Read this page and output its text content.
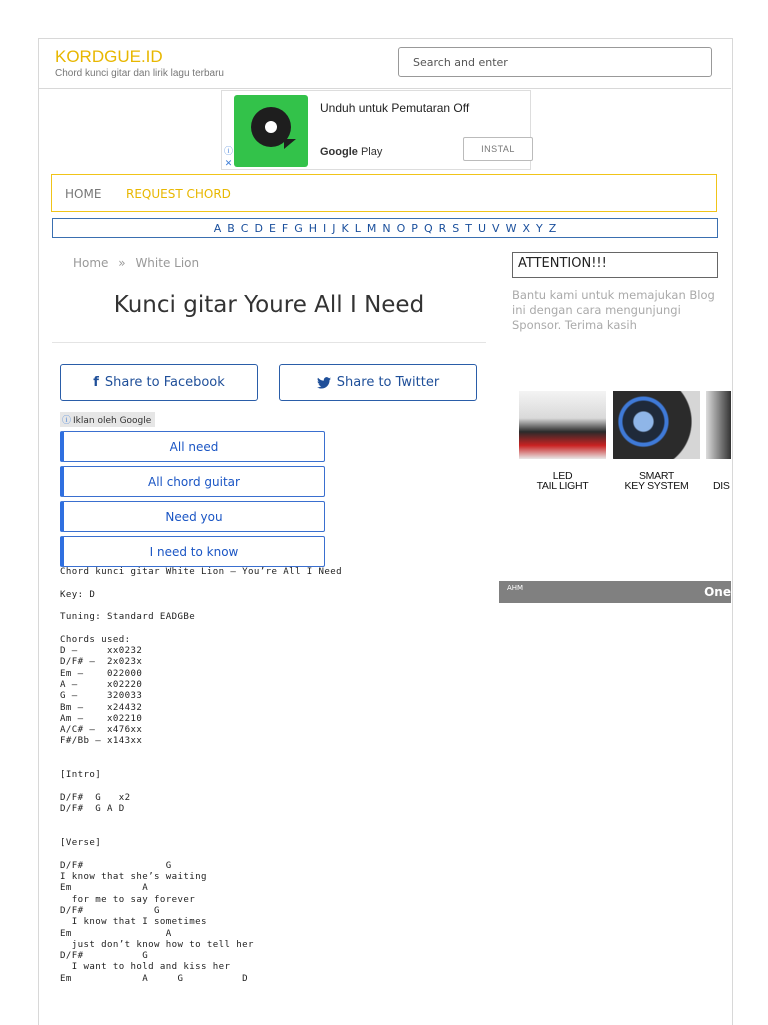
KORDGUE.ID
Chord kunci gitar dan lirik lagu terbaru
Search and enter
Unduh untuk Pemutaran Off
Google Play	INSTAL
ⓘ
✕
HOME REQUEST CHORD
A B C D E F G H I J K L M N O P Q R S T U V W X Y Z
Home » White Lion
Kunci gitar Youre All I Need
f Share to Facebook	Share to Twitter
ⓘ Iklan oleh Google
All need
All chord guitar
Need you
I need to know
Chord kunci gitar White Lion – You’re All I Need

Key: D

Tuning: Standard EADGBe

Chords used:
D –     xx0232
D/F# –  2x023x
Em –    022000
A –     x02220
G –     320033
Bm –    x24432
Am –    x02210
A/C# –  x476xx
F#/Bb – x143xx

[Intro]

D/F#  G   x2
D/F#  G A D

[Verse]

D/F#              G
I know that she’s waiting
Em            A
for me to say forever
D/F#            G
I know that I sometimes
Em                A
just don’t know how to tell her
D/F#          G
I want to hold and kiss her
Em            A     G          D
ATTENTION!!!
Bantu kami untuk memajukan Blog ini dengan cara mengunjungi Sponsor. Terima kasih
LED
TAIL LIGHT
SMART
KEY SYSTEM	DIS
AHM	One
